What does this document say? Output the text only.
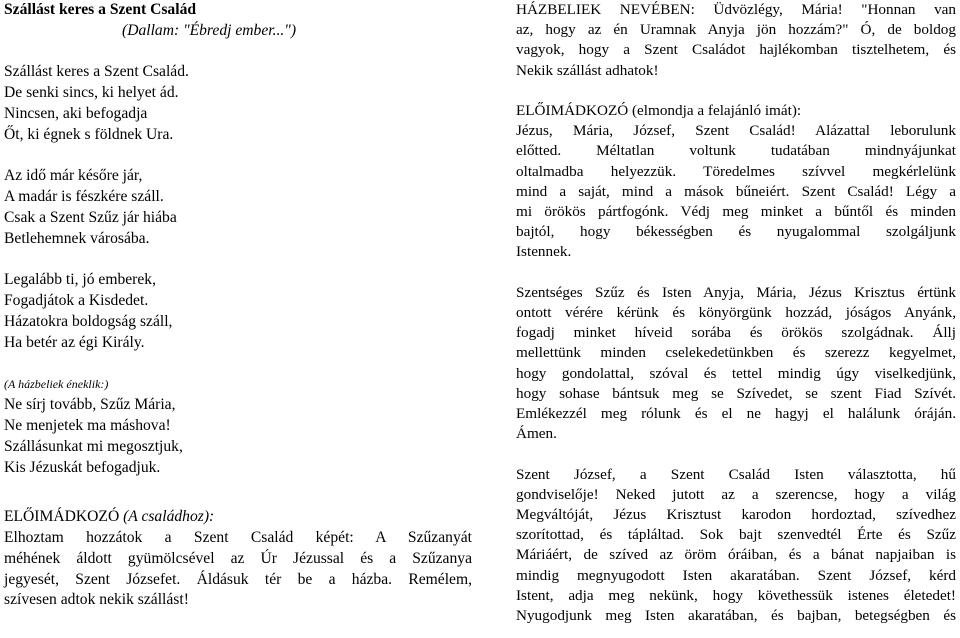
Szállást keres a Szent Család
(Dallam: "Ébredj ember...")
Szállást keres a Szent Család.
De senki sincs, ki helyet ád.
Nincsen, aki befogadja
Őt, ki égnek s földnek Ura.
Az idő már későre jár,
A madár is fészkére száll.
Csak a Szent Szűz jár hiába
Betlehemnek városába.
Legalább ti, jó emberek,
Fogadjátok a Kisdedet.
Házatokra boldogság száll,
Ha betér az égi Király.
(A házbeliek éneklik:)
Ne sírj tovább, Szűz Mária,
Ne menjetek ma máshova!
Szállásunkat mi megosztjuk,
Kis Jézuskát befogadjuk.
ELŐIMÁDKOZÓ (A családhoz):
Elhoztam hozzátok a Szent Család képét: A Szűzanyát
méhének áldott gyümölcsével az Úr Jézussal és a Szűzanya
jegyesét, Szent Józsefet. Áldásuk tér be a házba. Remélem,
szívesen adtok nekik szállást!
HÁZBELIEK NEVÉBEN: Üdvözlégy, Mária! "Honnan van
az, hogy az én Uramnak Anyja jön hozzám?" Ó, de boldog
vagyok, hogy a Szent Családot hajlékomban tisztelhetem, és
Nekik szállást adhatok!
ELŐIMÁDKOZÓ (elmondja a felajánló imát):
Jézus, Mária, József, Szent Család! Alázattal leborulunk
előtted. Méltatlan voltunk tudatában mindnyájunkat
oltalmadba helyezzük. Töredelmes szívvel megkérlelünk
mind a saját, mind a mások bűneiért. Szent Család! Légy a
mi örökös pártfogónk. Védj meg minket a bűntől és minden
bajtól, hogy békességben és nyugalommal szolgáljunk
Istennek.
Szentséges Szűz és Isten Anyja, Mária, Jézus Krisztus értünk
ontott vérére kérünk és könyörgünk hozzád, jóságos Anyánk,
fogadj minket híveid sorába és örökös szolgádnak. Állj
mellettünk minden cselekedetünkben és szerezz kegyelmet,
hogy gondolattal, szóval és tettel mindig úgy viselkedjünk,
hogy sohase bántsuk meg se Szívedet, se szent Fiad Szívét.
Emlékezzél meg rólunk és el ne hagyj el halálunk óráján.
Ámen.
Szent József, a Szent Család Isten választotta, hű
gondviselője! Neked jutott az a szerencse, hogy a világ
Megváltóját, Jézus Krisztust karodon hordoztad, szívedhez
szorítottad, és tápláltad. Sok bajt szenvedtél Érte és Szűz
Máriáért, de szíved az öröm óráiban, és a bánat napjaiban is
mindig megnyugodott Isten akaratában. Szent József, kérd
Istent, adja meg nekünk, hogy követhessük istenes életedet!
Nyugodjunk meg Isten akaratában, és bajban, betegségben és
